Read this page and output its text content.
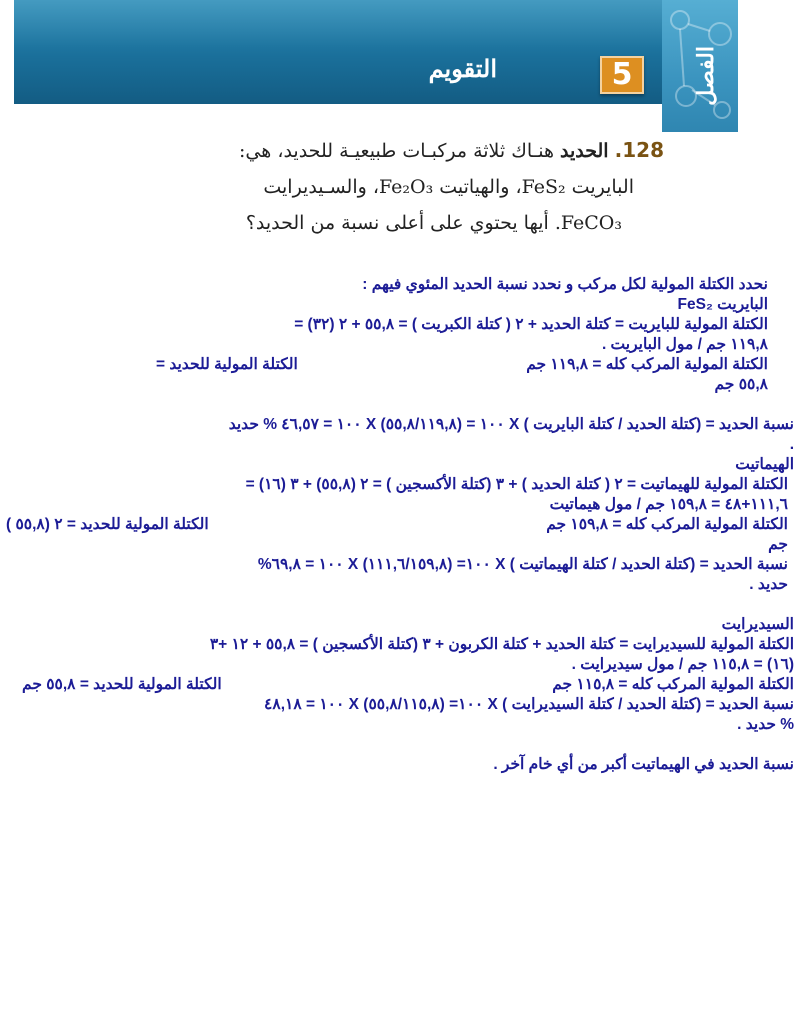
التقويم	5	الفصل

128. الحديد هنـاك ثلاثة مركبـات طبيعيـة للحديد، هي:

البايريت FeS₂، والهياتيت Fe₂O₃، والسـيديرايت

FeCO₃. أيها يحتوي على أعلى نسبة من الحديد؟

نحدد الكتلة المولية لكل مركب و نحدد نسبة الحديد المئوي فيهم :

البايريت FeS₂

الكتلة المولية للبايريت = كتلة الحديد + ٢ ( كتلة الكبريت ) = ٥٥,٨ + ٢ (٣٢) =

١١٩,٨ جم / مول البايريت .

الكتلة المولية المركب كله = ١١٩,٨ جم
الكتلة المولية للحديد =

٥٥,٨ جم

نسبة الحديد = (كتلة الحديد / كتلة البايريت ) X ١٠٠ = (٥٥,٨/١١٩,٨) X ١٠٠ = ٤٦,٥٧ % حديد

.

الهيماتيت

الكتلة المولية للهيماتيت = ٢ ( كتلة الحديد ) + ٣ (كتلة الأكسجين ) = ٢ (٥٥,٨) + ٣ (١٦) =

١١١,٦+٤٨ = ١٥٩,٨ جم / مول هيماتيت

الكتلة المولية المركب كله = ١٥٩,٨ جم
الكتلة المولية للحديد = ٢ (٥٥,٨ )

جم

نسبة الحديد = (كتلة الحديد / كتلة الهيماتيت ) X ١٠٠= (١١١,٦/١٥٩,٨) X ١٠٠ = ٦٩,٨%

حديد .

السيديرايت

الكتلة المولية للسيديرايت = كتلة الحديد + كتلة الكربون + ٣ (كتلة الأكسجين ) = ٥٥,٨ + ١٢ +٣

(١٦) = ١١٥,٨ جم / مول سيديرايت .

الكتلة المولية المركب كله = ١١٥,٨ جم
الكتلة المولية للحديد = ٥٥,٨ جم

نسبة الحديد = (كتلة الحديد / كتلة السيديرايت ) X ١٠٠= (٥٥,٨/١١٥,٨) X ١٠٠ = ٤٨,١٨

% حديد .

نسبة الحديد في الهيماتيت أكبر من أي خام آخر .
